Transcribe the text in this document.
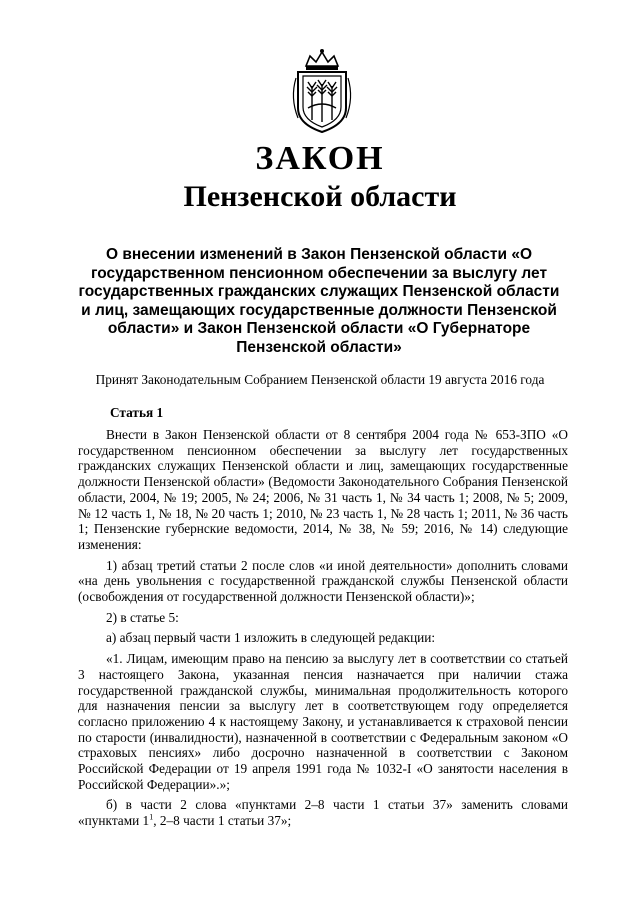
ЗАКОН
Пензенской области
О внесении изменений в Закон Пензенской области «О государственном пенсионном обеспечении за выслугу лет государственных гражданских служащих Пензенской области и лиц, замещающих государственные должности Пензенской области» и Закон Пензенской области «О Губернаторе Пензенской области»
Принят Законодательным Собранием Пензенской области 19 августа 2016 года
Статья 1

Внести в Закон Пензенской области от 8 сентября 2004 года № 653-ЗПО «О государственном пенсионном обеспечении за выслугу лет государственных гражданских служащих Пензенской области и лиц, замещающих государственные должности Пензенской области» (Ведомости Законодательного Собрания Пензенской области, 2004, № 19; 2005, № 24; 2006, № 31 часть 1, № 34 часть 1; 2008, № 5; 2009, № 12 часть 1, № 18, № 20 часть 1; 2010, № 23 часть 1, № 28 часть 1; 2011, № 36 часть 1; Пензенские губернские ведомости, 2014, № 38, № 59; 2016, № 14) следующие изменения:

1) абзац третий статьи 2 после слов «и иной деятельности» дополнить словами «на день увольнения с государственной гражданской службы Пензенской области (освобождения от государственной должности Пензенской области)»;

2) в статье 5:

а) абзац первый части 1 изложить в следующей редакции:

«1. Лицам, имеющим право на пенсию за выслугу лет в соответствии со статьей 3 настоящего Закона, указанная пенсия назначается при наличии стажа государственной гражданской службы, минимальная продолжительность которого для назначения пенсии за выслугу лет в соответствующем году определяется согласно приложению 4 к настоящему Закону, и устанавливается к страховой пенсии по старости (инвалидности), назначенной в соответствии с Федеральным законом «О страховых пенсиях» либо досрочно назначенной в соответствии с Законом Российской Федерации от 19 апреля 1991 года № 1032-I «О занятости населения в Российской Федерации».»;

б) в части 2 слова «пунктами 2–8 части 1 статьи 37» заменить словами «пунктами $1^1$, 2–8 части 1 статьи 37»;
